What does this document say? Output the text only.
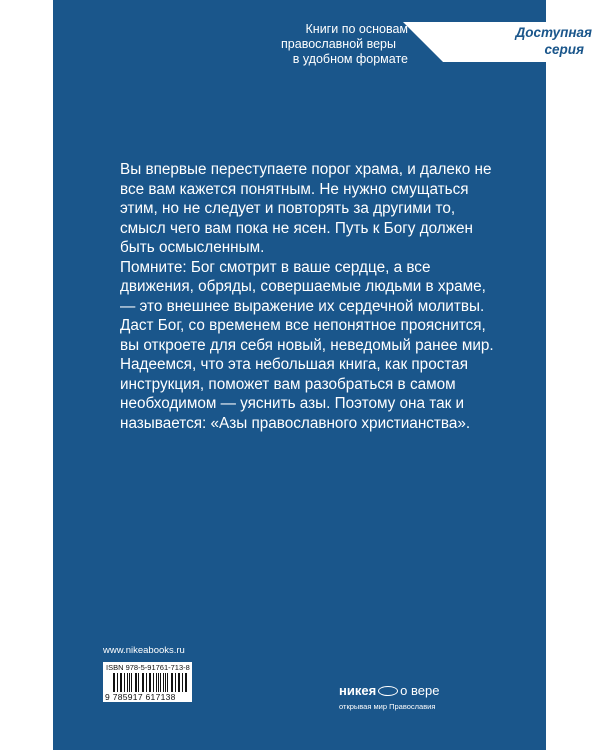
Книги по основам
православной веры
в удобном формате
Доступная
серия

Вы впервые переступаете порог храма, и далеко не все вам кажется понятным. Не нужно смущаться этим, но не следует и повторять за другими то, смысл чего вам пока не ясен. Путь к Богу должен быть осмысленным.

Помните: Бог смотрит в ваше сердце, а все движения, обряды, совершаемые людьми в храме, — это внешнее выражение их сердечной молитвы.

Даст Бог, со временем все непонятное прояснится, вы откроете для себя новый, неведомый ранее мир.

Надеемся, что эта небольшая книга, как простая инструкция, поможет вам разобраться в самом необходимом — уяснить азы. Поэтому она так и называется: «Азы православного христианства».

www.nikeabooks.ru
ISBN 978-5-91761-713-8
9 785917 617138	никея о вере
открывая мир Православия
